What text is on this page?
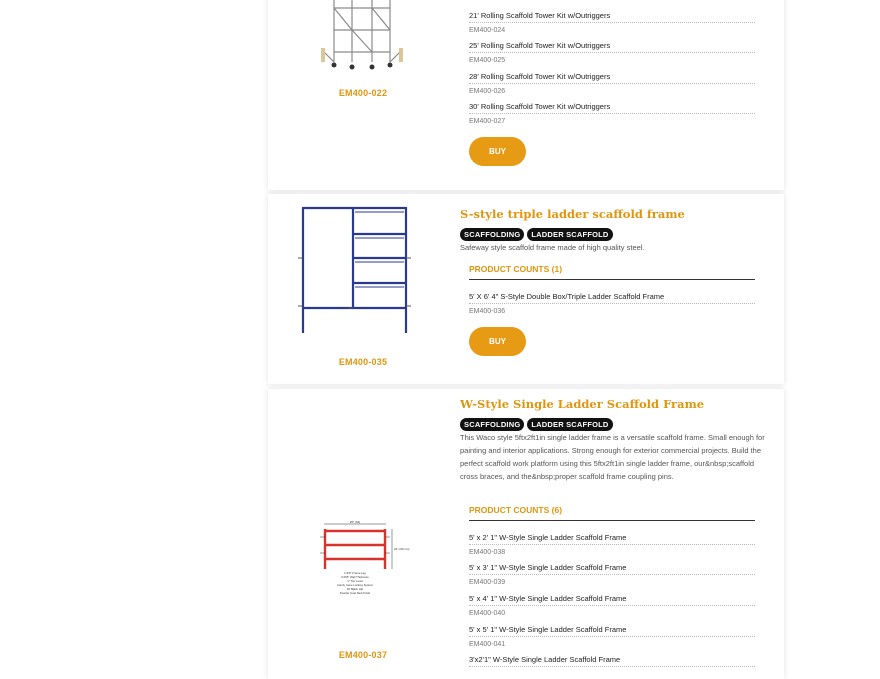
EM400-022
21' Rolling Scaffold Tower Kit w/Outriggers
EM400-024
25' Rolling Scaffold Tower Kit w/Outriggers
EM400-025
28' Rolling Scaffold Tower Kit w/Outriggers
EM400-026
30' Rolling Scaffold Tower Kit w/Outriggers
EM400-027
BUY
EM400-035
S-style triple ladder scaffold frame
SCAFFOLDING	LADDER SCAFFOLD

Safeway style scaffold frame made of high quality steel.

PRODUCT COUNTS (1)
5' X 6' 4" S-Style Double Box/Triple Ladder Scaffold Frame
EM400-036
BUY
25" (64)
24" (60 cm)
1-5/8" Frame Leg
0.065" Wall Thickness
1" Tier Level
Candy Cane Locking System
W/ Black Hat
Powder Coat Red Finish
EM400-037
W-Style Single Ladder Scaffold Frame
SCAFFOLDING	LADDER SCAFFOLD

This Waco style 5ftx2ft1in single ladder frame is a versatile scaffold frame. Small enough for painting and interior applications. Strong enough for exterior commercial projects. Build the perfect scaffold work platform using this 5ftx2ft1in single ladder frame, our&nbsp;scaffold cross braces, and the&nbsp;proper scaffold frame coupling pins.

PRODUCT COUNTS (6)
5' x 2' 1" W-Style Single Ladder Scaffold Frame
EM400-038
5' x 3' 1" W-Style Single Ladder Scaffold Frame
EM400-039
5' x 4' 1" W-Style Single Ladder Scaffold Frame
EM400-040
5' x 5' 1" W-Style Single Ladder Scaffold Frame
EM400-041
3'x2'1" W-Style Single Ladder Scaffold Frame
